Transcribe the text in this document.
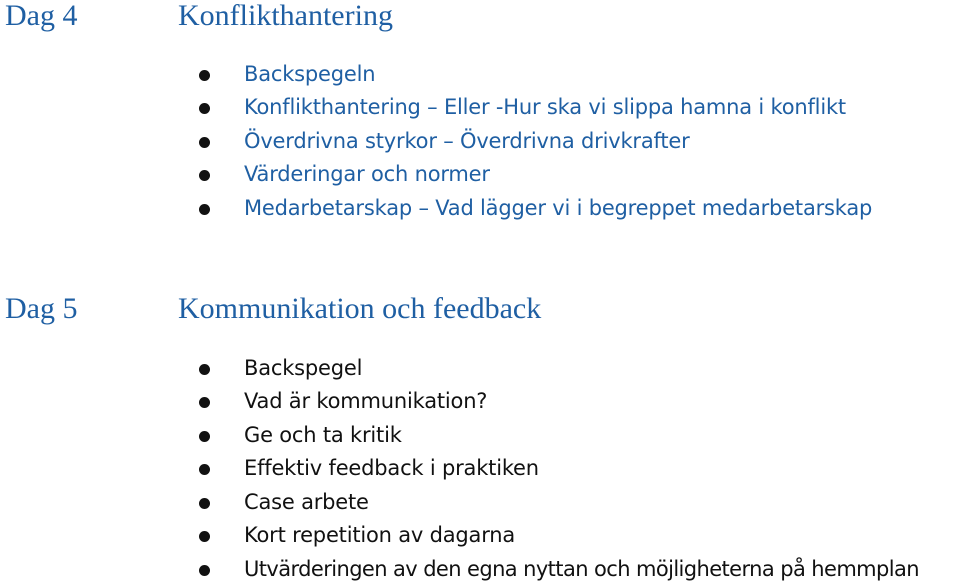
Dag 4	Konflikthantering
Backspegeln
Konflikthantering – Eller -Hur ska vi slippa hamna i konflikt
Överdrivna styrkor – Överdrivna drivkrafter
Värderingar och normer
Medarbetarskap – Vad lägger vi i begreppet medarbetarskap
Dag 5	Kommunikation och feedback
Backspegel
Vad är kommunikation?
Ge och ta kritik
Effektiv feedback i praktiken
Case arbete
Kort repetition av dagarna
Utvärderingen av den egna nyttan och möjligheterna på hemmplan
